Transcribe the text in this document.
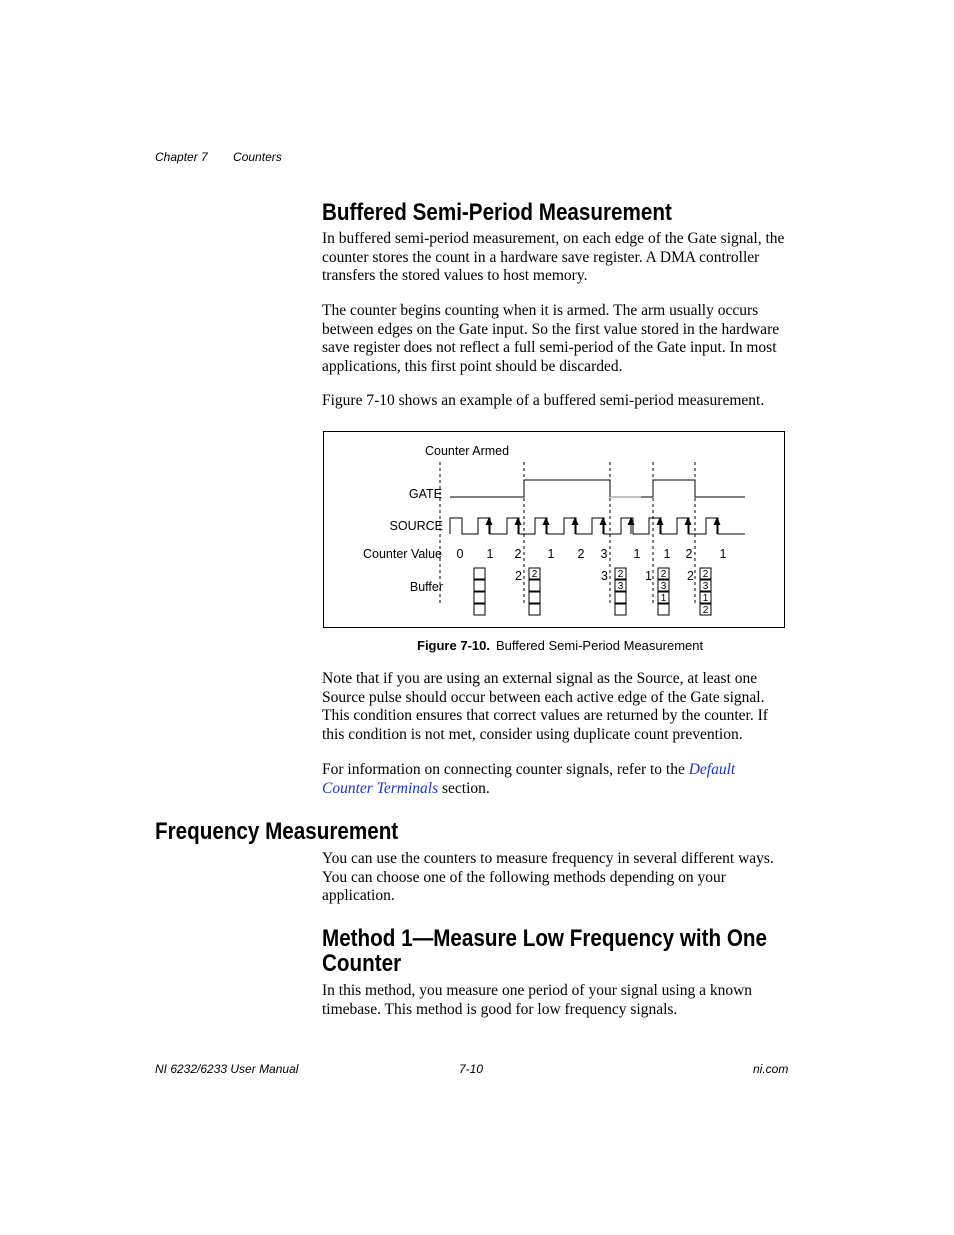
Chapter 7 Counters
Buffered Semi-Period Measurement

In buffered semi-period measurement, on each edge of the Gate signal, the counter stores the count in a hardware save register. A DMA controller transfers the stored values to host memory.

The counter begins counting when it is armed. The arm usually occurs between edges on the Gate input. So the first value stored in the hardware save register does not reflect a full semi-period of the Gate input. In most applications, this first point should be discarded.

Figure 7-10 shows an example of a buffered semi-period measurement.

Counter Armed
GATE
SOURCE
Counter Value
Buffer
0 1 2 1 2 3 1 1 2 1
2
2	2
3
3	2
3
1
1	2
3
1
2
2
Figure 7-10. Buffered Semi-Period Measurement

Note that if you are using an external signal as the Source, at least one Source pulse should occur between each active edge of the Gate signal. This condition ensures that correct values are returned by the counter. If this condition is not met, consider using duplicate count prevention.

For information on connecting counter signals, refer to the Default Counter Terminals section.

Frequency Measurement

You can use the counters to measure frequency in several different ways. You can choose one of the following methods depending on your application.

Method 1—Measure Low Frequency with One
Counter

In this method, you measure one period of your signal using a known timebase. This method is good for low frequency signals.

NI 6232/6233 User Manual	7-10	ni.com
